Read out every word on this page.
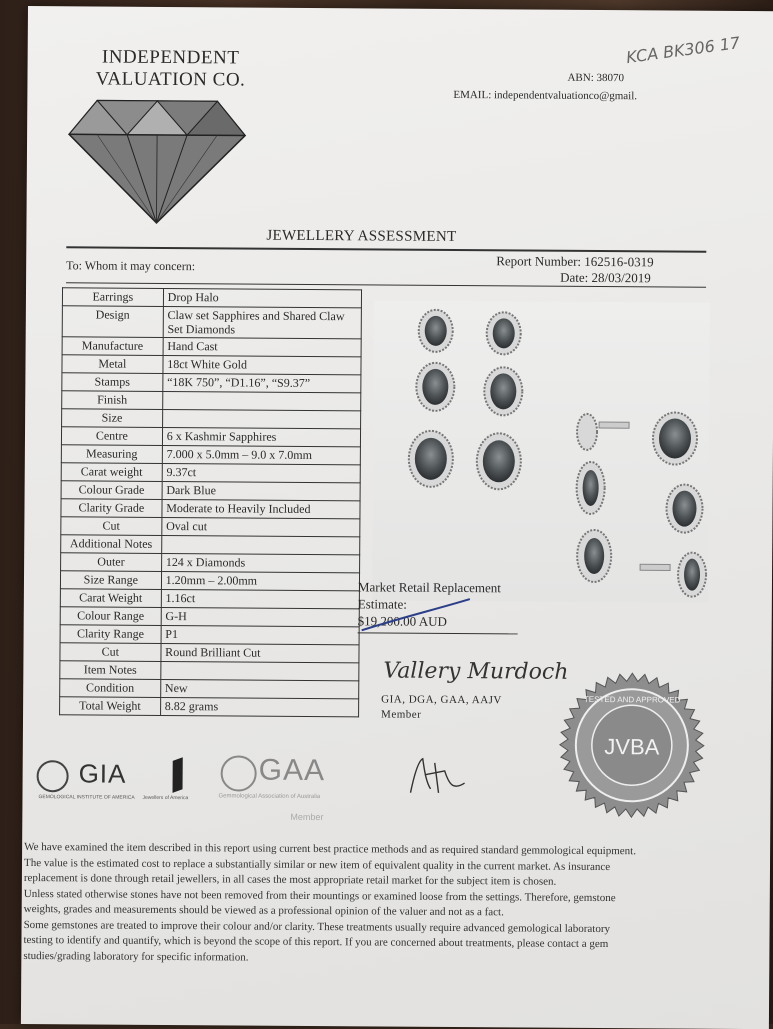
INDEPENDENT
VALUATION CO.
KCA BK306 17
ABN: 38070
EMAIL: independentvaluationco@gmail.
JEWELLERY ASSESSMENT
To: Whom it may concern:	Report Number: 162516-0319
Date: 28/03/2019
Earrings	Drop Halo
Design	Claw set Sapphires and Shared Claw Set Diamonds
Manufacture	Hand Cast
Metal	18ct White Gold
Stamps	“18K 750”, “D1.16”, “S9.37”
Finish	
Size	
Centre	6 x Kashmir Sapphires
Measuring	7.000 x 5.0mm – 9.0 x 7.0mm
Carat weight	9.37ct
Colour Grade	Dark Blue
Clarity Grade	Moderate to Heavily Included
Cut	Oval cut
Additional Notes	
Outer	124 x Diamonds
Size Range	1.20mm – 2.00mm
Carat Weight	1.16ct
Colour Range	G-H
Clarity Range	P1
Cut	Round Brilliant Cut
Item Notes	
Condition	New
Total Weight	8.82 grams
Market Retail Replacement
Estimate:
$19,200.00 AUD
Vallery Murdoch
GIA, DGA, GAA, AAJV
Member
JVBA
TESTED AND APPROVED
GIA
GEMOLOGICAL INSTITUTE OF AMERICA Jewellers of America
GAA
Gemmological Association of Australia
Member

We have examined the item described in this report using current best practice methods and as required standard gemmological equipment.

The value is the estimated cost to replace a substantially similar or new item of equivalent quality in the current market. As insurance

replacement is done through retail jewellers, in all cases the most appropriate retail market for the subject item is chosen.

Unless stated otherwise stones have not been removed from their mountings or examined loose from the settings. Therefore, gemstone

weights, grades and measurements should be viewed as a professional opinion of the valuer and not as a fact.

Some gemstones are treated to improve their colour and/or clarity. These treatments usually require advanced gemological laboratory

testing to identify and quantify, which is beyond the scope of this report. If you are concerned about treatments, please contact a gem

studies/grading laboratory for specific information.
